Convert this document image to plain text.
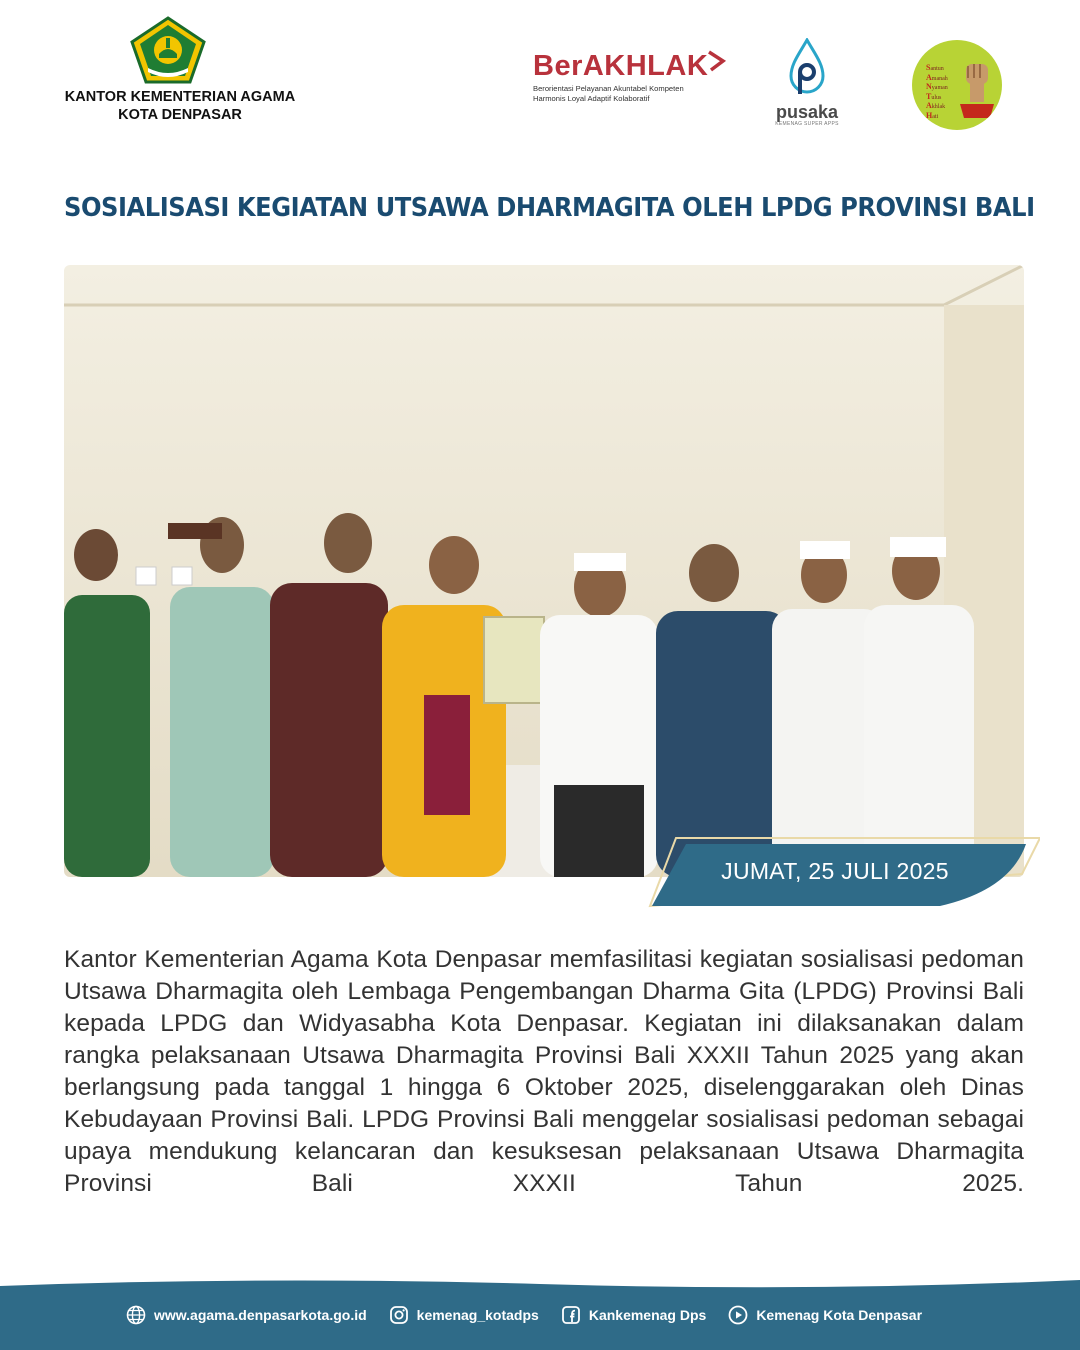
KANTOR KEMENTERIAN AGAMA
KOTA DENPASAR
BerAKHLAK
Berorientasi Pelayanan Akuntabel Kompeten
Harmonis Loyal Adaptif Kolaboratif
pusaka
KEMENAG SUPER APPS
Santun
Amanah
Nyaman
Tulus
Akhlak
Hati
SOSIALISASI KEGIATAN UTSAWA DHARMAGITA OLEH LPDG PROVINSI BALI
JUMAT, 25 JULI 2025

Kantor Kementerian Agama Kota Denpasar memfasilitasi kegiatan sosialisasi pedoman Utsawa Dharmagita oleh Lembaga Pengembangan Dharma Gita (LPDG) Provinsi Bali kepada LPDG dan Widyasabha Kota Denpasar. Kegiatan ini dilaksanakan dalam rangka pelaksanaan Utsawa Dharmagita Provinsi Bali XXXII Tahun 2025 yang akan berlangsung pada tanggal 1 hingga 6 Oktober 2025, diselenggarakan oleh Dinas Kebudayaan Provinsi Bali. LPDG Provinsi Bali menggelar sosialisasi pedoman sebagai upaya mendukung kelancaran dan kesuksesan pelaksanaan Utsawa Dharmagita Provinsi Bali XXXII Tahun 2025.

www.agama.denpasarkota.go.id	kemenag_kotadps	Kankemenag Dps	Kemenag Kota Denpasar
